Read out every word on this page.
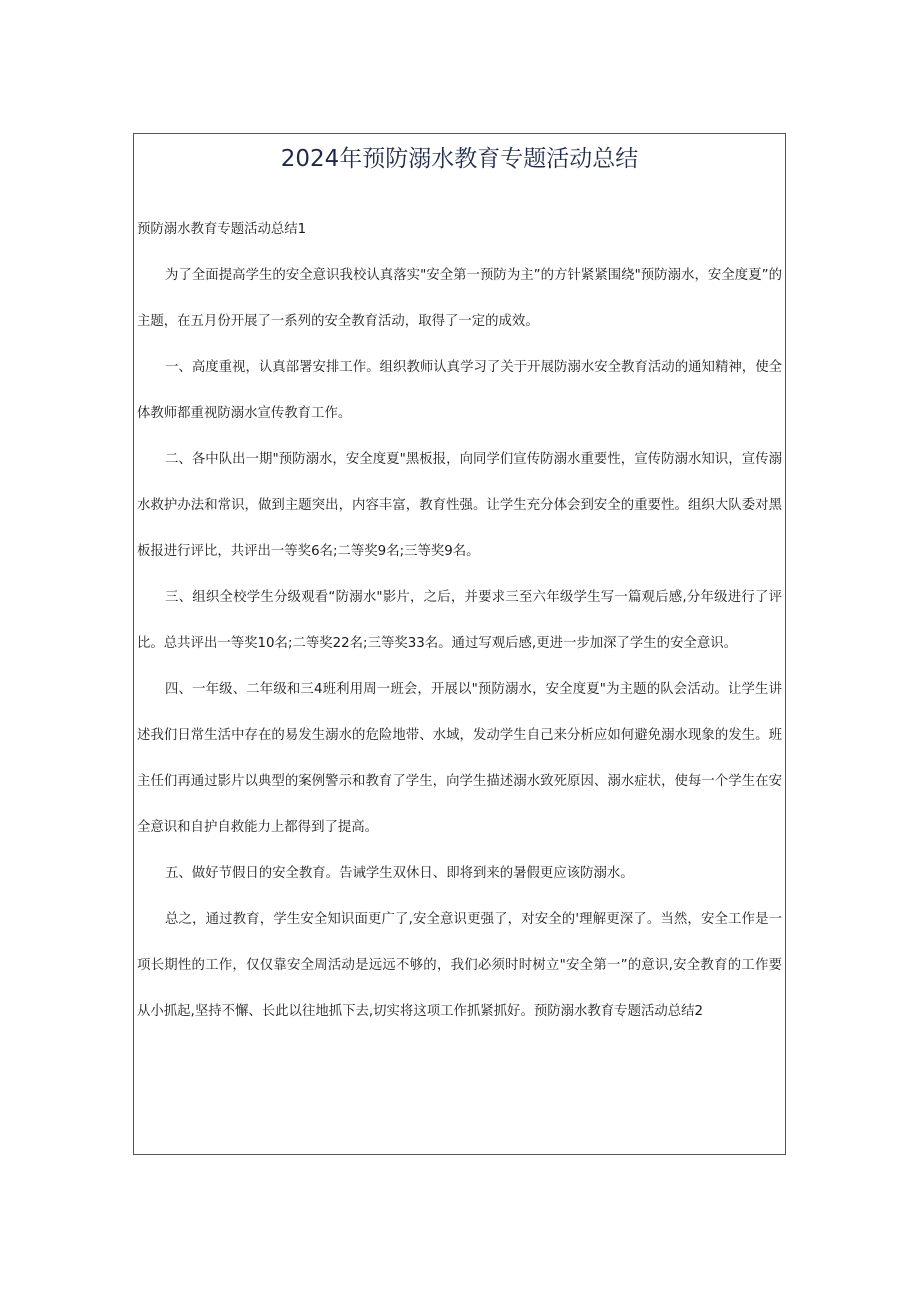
2024年预防溺水教育专题活动总结

预防溺水教育专题活动总结1

为了全面提高学生的安全意识我校认真落实"安全第一预防为主”的方针紧紧围绕"预防溺水，安全度夏”的主题，在五月份开展了一系列的安全教育活动，取得了一定的成效。

一、高度重视，认真部署安排工作。组织教师认真学习了关于开展防溺水安全教育活动的通知精神，使全体教师都重视防溺水宣传教育工作。

二、各中队出一期"预防溺水，安全度夏"黑板报，向同学们宣传防溺水重要性，宣传防溺水知识，宣传溺水救护办法和常识，做到主题突出，内容丰富，教育性强。让学生充分体会到安全的重要性。组织大队委对黑板报进行评比，共评出一等奖6名;二等奖9名;三等奖9名。

三、组织全校学生分级观看“防溺水"影片，之后，并要求三至六年级学生写一篇观后感,分年级进行了评比。总共评出一等奖10名;二等奖22名;三等奖33名。通过写观后感,更进一步加深了学生的安全意识。

四、一年级、二年级和三4班利用周一班会，开展以"预防溺水，安全度夏"为主题的队会活动。让学生讲述我们日常生活中存在的易发生溺水的危险地带、水域，发动学生自己来分析应如何避免溺水现象的发生。班主任们再通过影片以典型的案例警示和教育了学生，向学生描述溺水致死原因、溺水症状，使每一个学生在安全意识和自护自救能力上都得到了提高。

五、做好节假日的安全教育。告诫学生双休日、即将到来的暑假更应该防溺水。

总之，通过教育，学生安全知识面更广了,安全意识更强了，对安全的'理解更深了。当然，安全工作是一项长期性的工作，仅仅靠安全周活动是远远不够的，我们必须时时树立"安全第一”的意识,安全教育的工作要从小抓起,坚持不懈、长此以往地抓下去,切实将这项工作抓紧抓好。预防溺水教育专题活动总结2
